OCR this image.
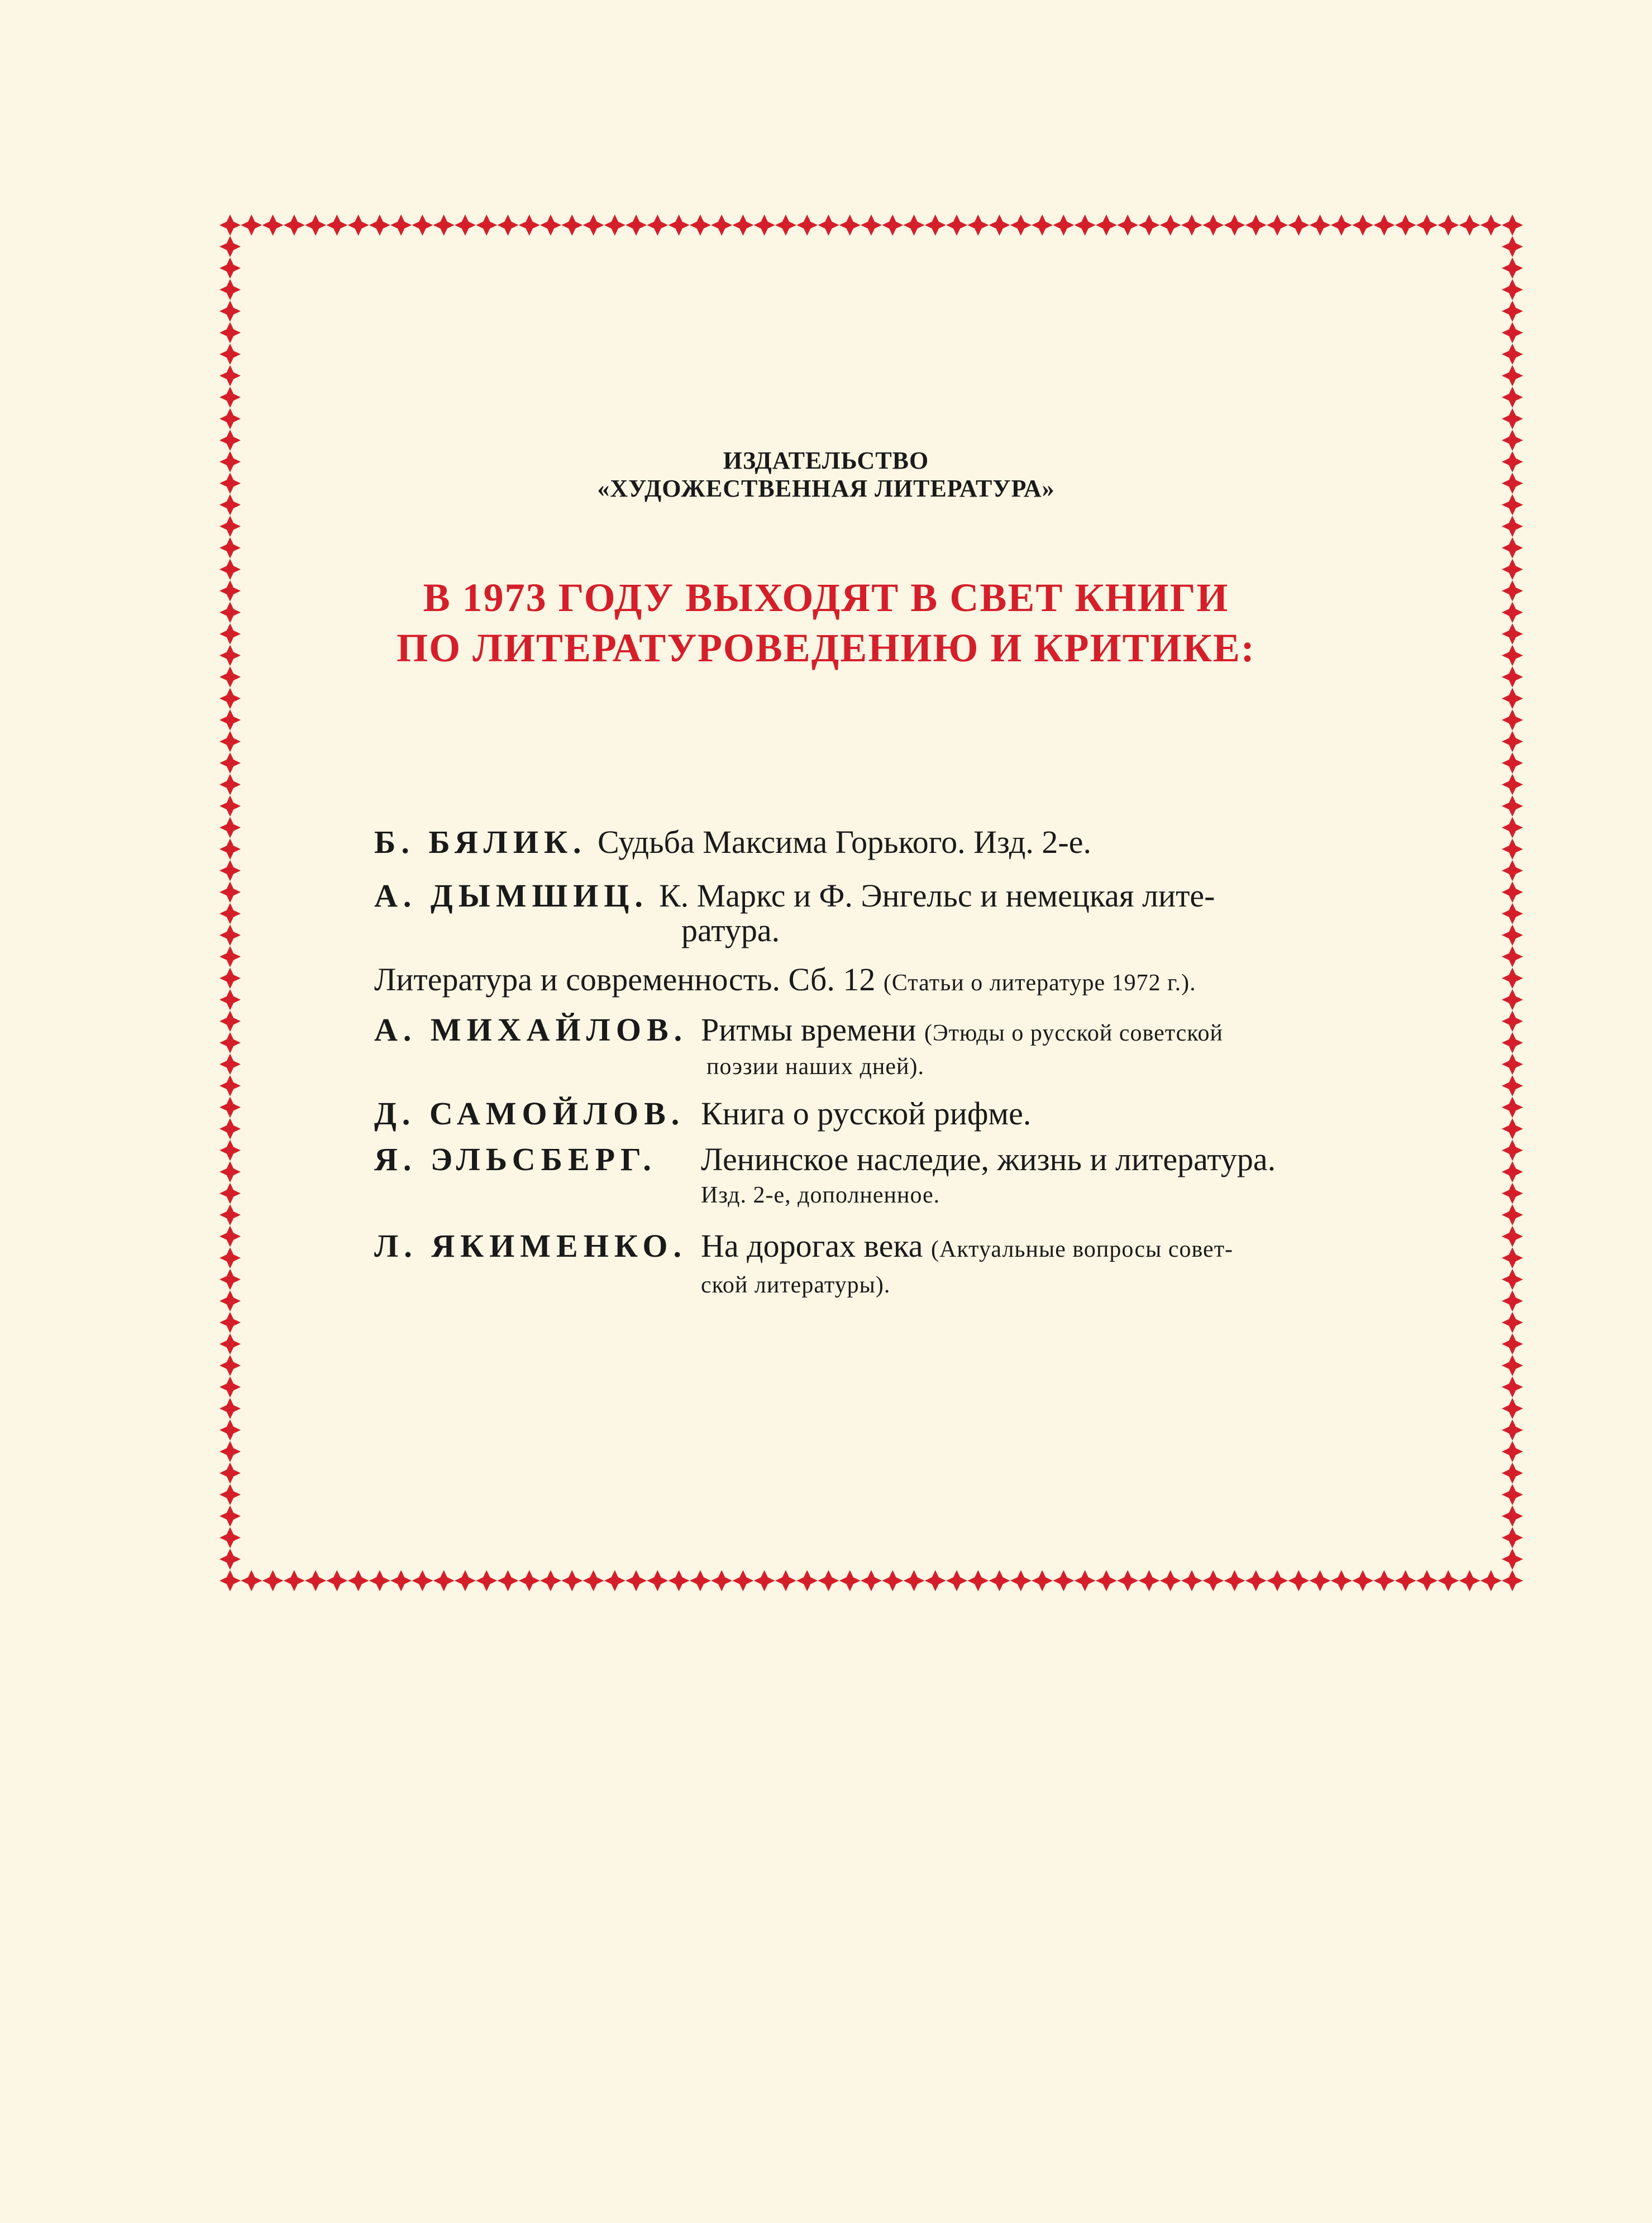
ИЗДАТЕЛЬСТВО
«ХУДОЖЕСТВЕННАЯ ЛИТЕРАТУРА»
В 1973 ГОДУ ВЫХОДЯТ В СВЕТ КНИГИ
ПО ЛИТЕРАТУРОВЕДЕНИЮ И КРИТИКЕ:
Б. БЯЛИК. Судьба Максима Горького. Изд. 2-е.
А. ДЫМШИЦ. К. Маркс и Ф. Энгельс и немецкая лите-
ратура.
Литература и современность. Сб. 12 (Статьи о литературе 1972 г.).
А. МИХАЙЛОВ. Ритмы времени (Этюды о русской советской
поэзии наших дней).
Д. САМОЙЛОВ. Книга о русской рифме.
Я. ЭЛЬСБЕРГ. Ленинское наследие, жизнь и литература.
Изд. 2-е, дополненное.
Л. ЯКИМЕНКО. На дорогах века (Актуальные вопросы совет-
ской литературы).
